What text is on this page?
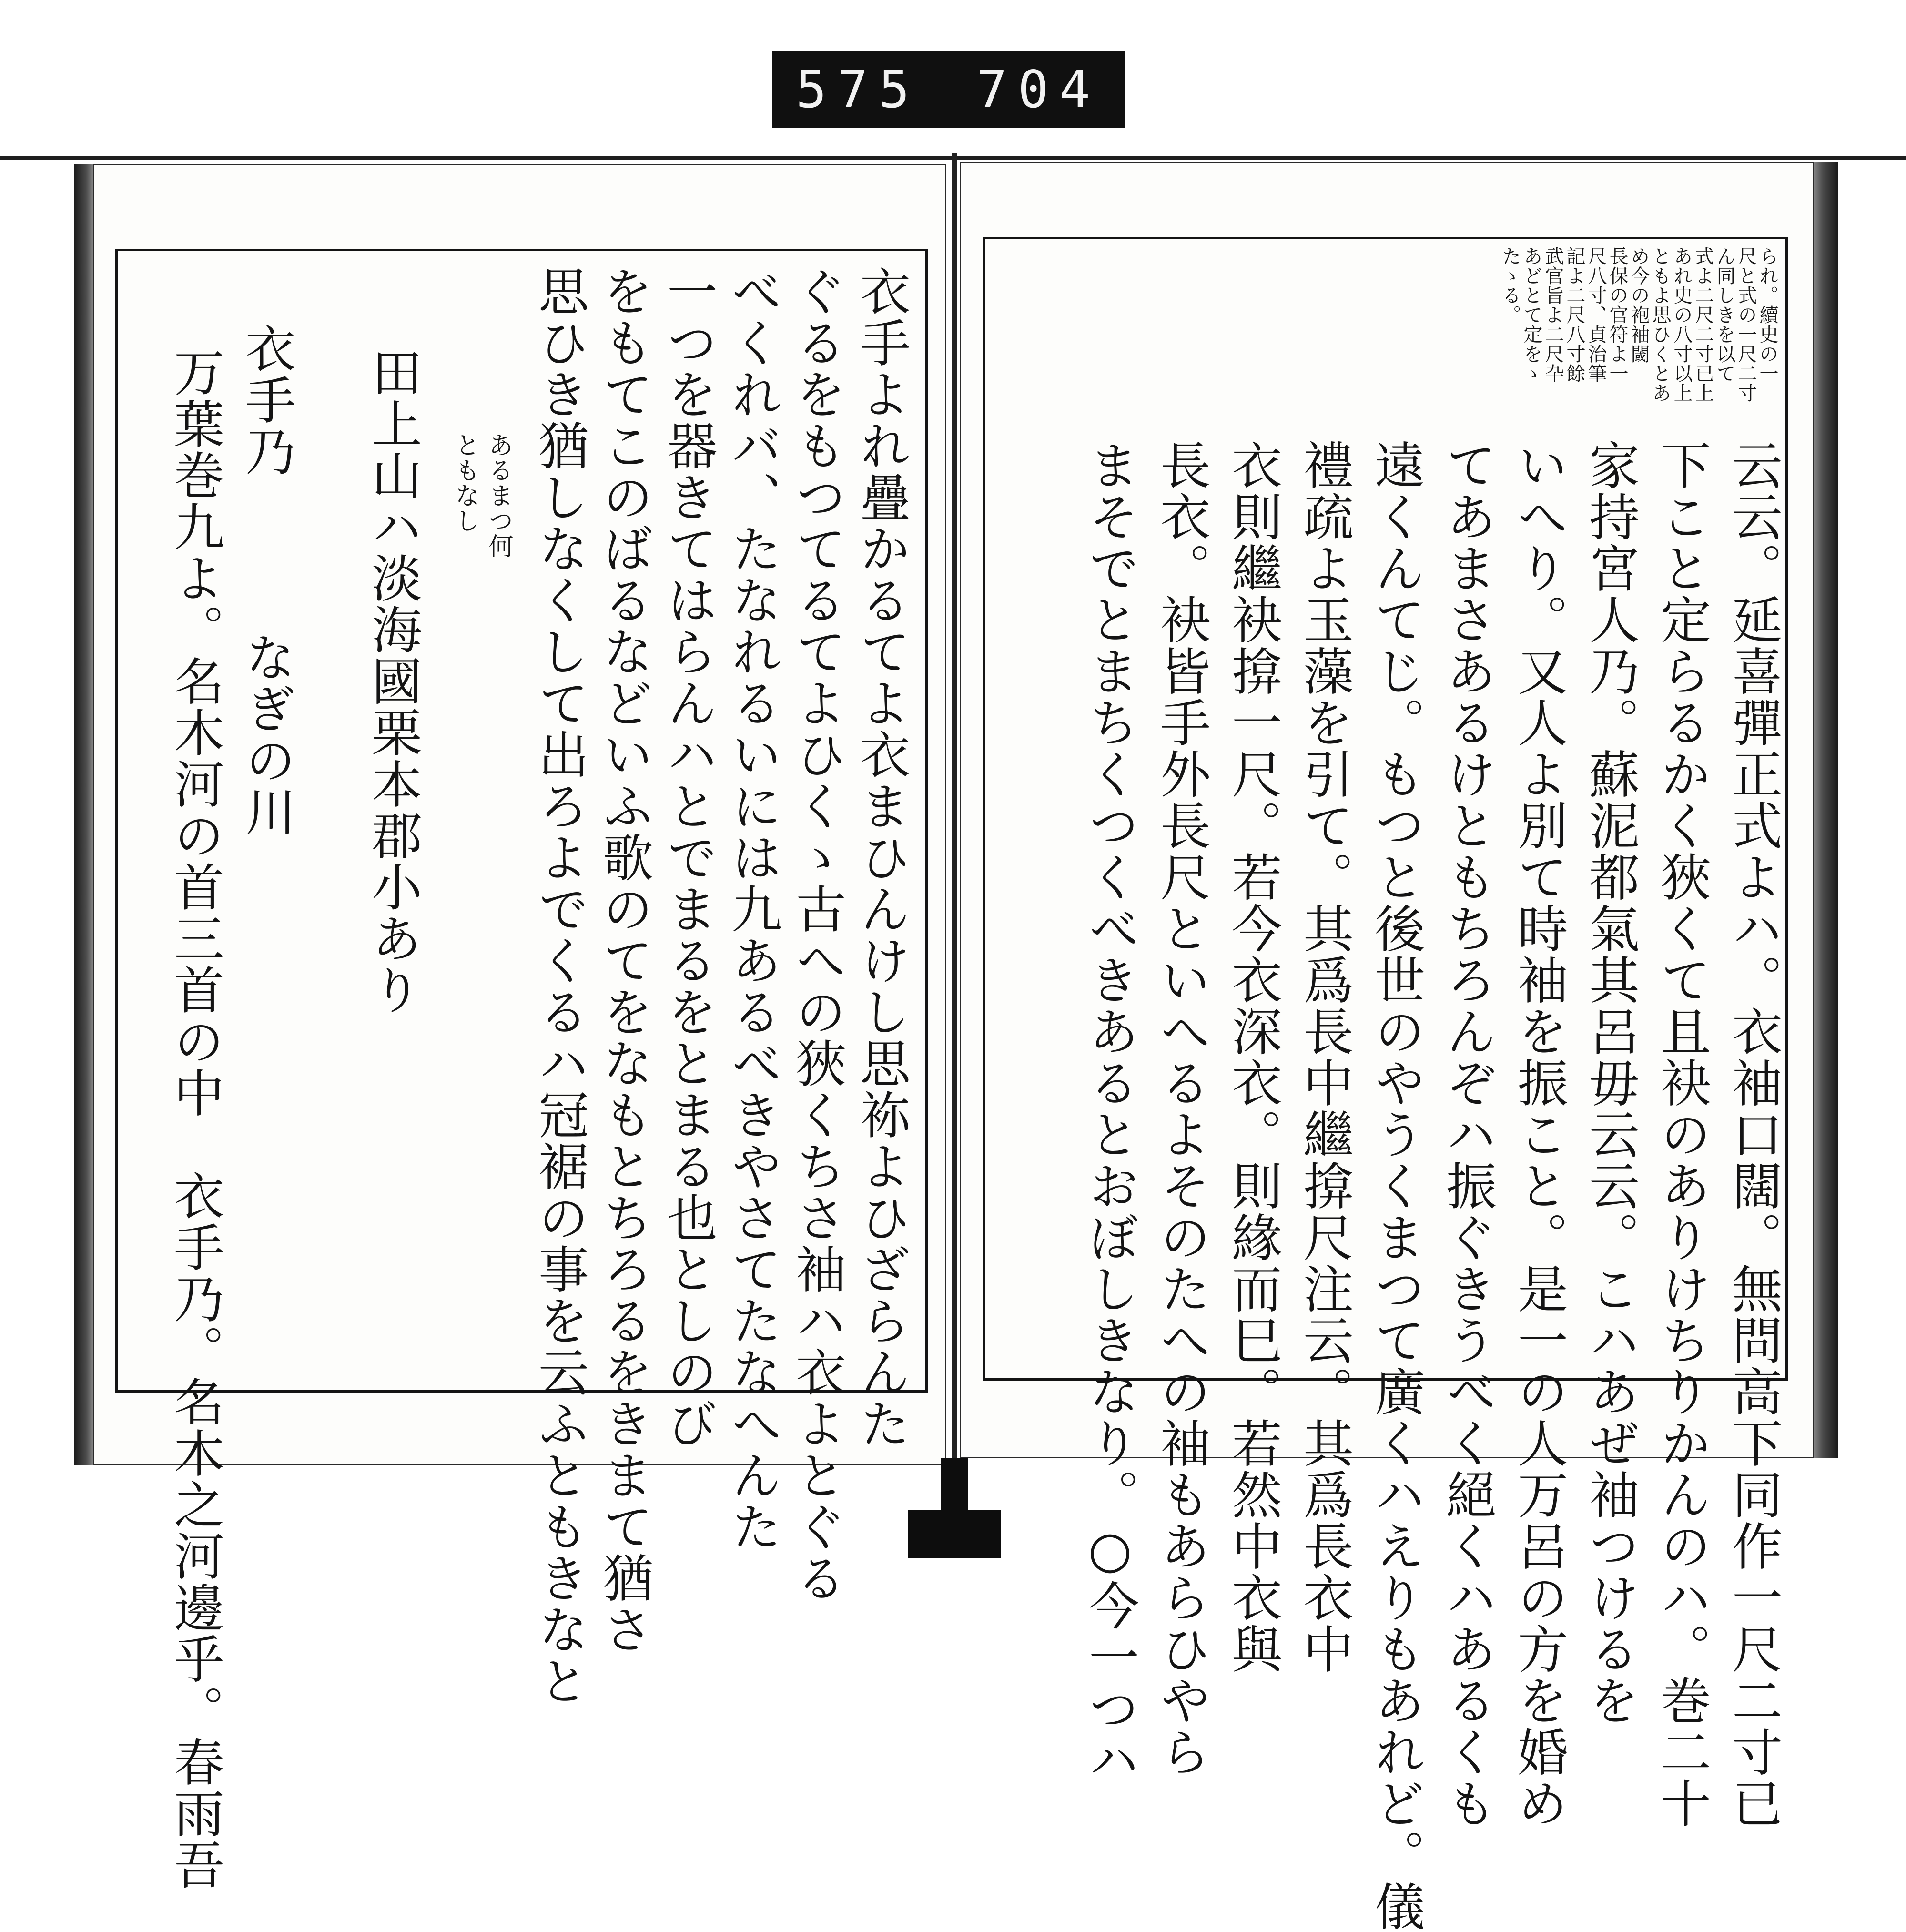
575 704
衣手よれ疊かるてよ衣まひんけし思袮よひざらんた
ぐるをもつてるてよひくゝ古への狹くちさ袖ハ衣よとぐる
べくれバ、たなれるいには九あるべきやさてたなへんた
一つを器きてはらんハとでまるをとまる也としのび
をもてこのばるなどいふ歌のてをなもとちろるをきまて猶さ
思ひき猶しなくして出ろよでくるハ冠裾の事を云ふともきなと
あるまつ何
ともなし
田上山ハ淡海國栗本郡小あり
衣手乃　　　なぎの川
万葉巻九よ。名木河の首三首の中　衣手乃。名木之河邊乎。春雨吾
られ。續史の一
尺と式の一尺二寸
ん同しきを以て
式よ二尺二寸已上
あれ史の八寸以上
ともよ思ひくとあ
め今の袍袖閾
長保の官符よ一
尺八寸、貞治筆
記よ二尺八寸餘
武官旨よ二尺卆
あどとて定をゝ
たゝる。
云云。延喜彈正式よハ。衣袖口闊。無問高下同作一尺二寸已
下こと定らるかく狹くて且袂のありけちりかんのハ。巻二十
家持宮人乃。蘇泥都氣其呂毋云云。こハあぜ袖つけるを
いへり。又人よ別て時袖を振こと。是一の人万呂の方を婚め
てあまさあるけともちろんぞハ振ぐきうべく絕くハあるくも
遠くんてじ。もつと後世のやうくまつて廣くハえりもあれど。儀
禮疏よ玉藻を引て。其爲長中繼揜尺注云。其爲長衣中
衣則繼袂揜一尺。若今衣深衣。則緣而巳。若然中衣與
長衣。袂皆手外長尺といへるよそのたへの袖もあらひやら
まそでとまちくつくべきあるとおぼしきなり。○今一つハ
